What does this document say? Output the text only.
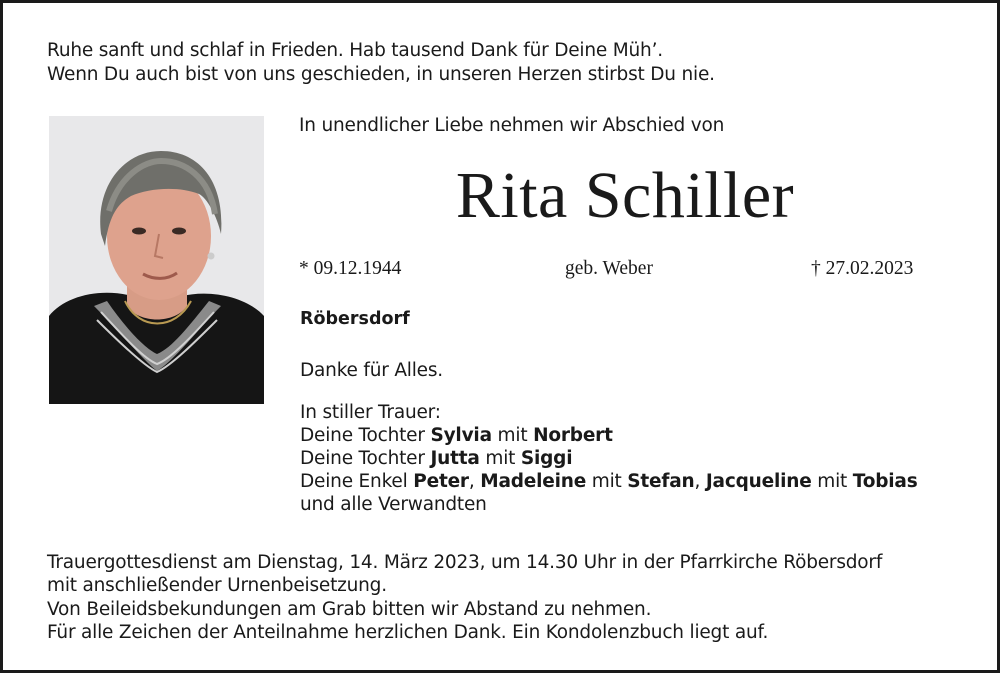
Ruhe sanft und schlaf in Frieden. Hab tausend Dank für Deine Müh’.
Wenn Du auch bist von uns geschieden, in unseren Herzen stirbst Du nie.
In unendlicher Liebe nehmen wir Abschied von
Rita Schiller
* 09.12.1944	geb. Weber	† 27.02.2023
Röbersdorf
Danke für Alles.
In stiller Trauer:
Deine Tochter Sylvia mit Norbert
Deine Tochter Jutta mit Siggi
Deine Enkel Peter, Madeleine mit Stefan, Jacqueline mit Tobias
und alle Verwandten
Trauergottesdienst am Dienstag, 14. März 2023, um 14.30 Uhr in der Pfarrkirche Röbersdorf
mit anschließender Urnenbeisetzung.
Von Beileidsbekundungen am Grab bitten wir Abstand zu nehmen.
Für alle Zeichen der Anteilnahme herzlichen Dank. Ein Kondolenzbuch liegt auf.
